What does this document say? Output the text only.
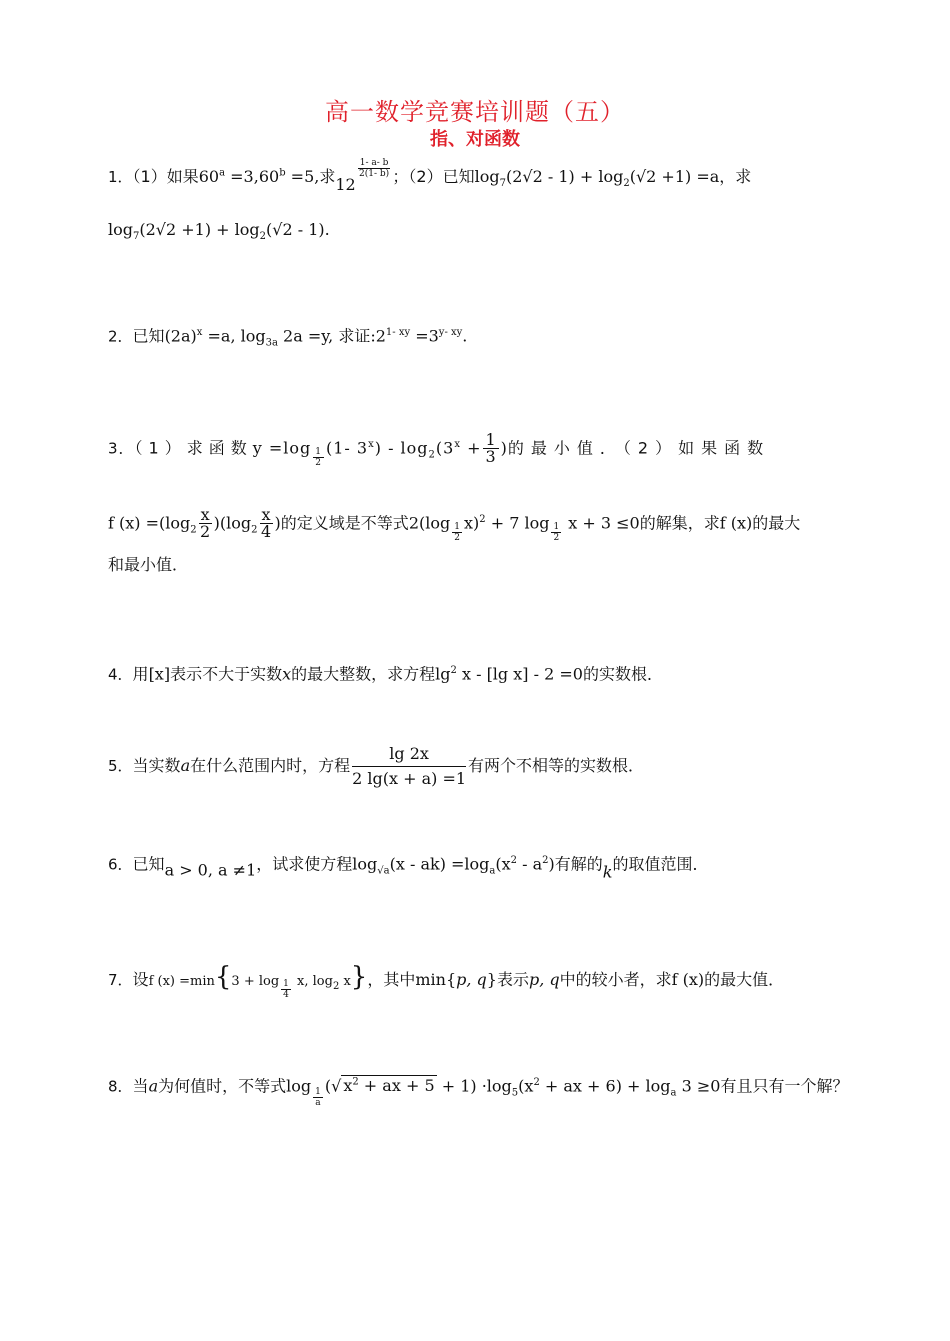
高一数学竞赛培训题（五）
指、对函数
1．（1）如果$60^a =3,60^b =5$,求12
$\frac{1- a- b}{2(1- b)}$ ；（2）已知$\log_7(2√2 - 1) + \log_2(√2 +1) =a$，求
$\log_7(2√2 +1) + \log_2(√2 - 1)$.
2．已知$(2a)^x =a$, $\log_{3a} 2a =y$, 求证$:2^{1- xy} =3^{y- xy}$.
3．（1）求函数$y =\log \frac{1}{2} (1-$ $3^x) - \log_2(3^x + \frac{1}{3}$ )的最小值．（2）如果函数
f $(x) =(\log_2 \frac{x}{2} )(\log_2 \frac{x}{4}$ )的定义域是不等式$2(\log \frac{1}{2} x)^2 + 7$ $\log \frac{1}{2}$ x + 3 ≤0的解集，求f (x)的最大
和最小值．
4．用[x]表示不大于实数x的最大整数，求方程$\lg^2 x - [\lg$ x] - 2 =0的实数根．
5．当实数a在什么范围内时，方程 $\frac{\lg 2x}{2 \lg(x + a) =1}$ 有两个不相等的实数根．
6．已知a > 0, a ≠1，试求使方程$\log_{√a}(x - ak) =\log_a(x^2 - a^2)$有解的k的取值范围．
7．设f $(x) =\min\{3 + \log \frac{1}{4} x$, $\log_2 x$}，其中min{p, q}表示p, q中的较小者，求f (x)的最大值．
8．当a为何值时，不等式log
$\frac{1}{a}$
(√ $x^2$ + ax + $5 + 1) \cdot\log_5(x^2$ + ax + $6) + \log_a 3 \ge 0$有且只有一个解？
